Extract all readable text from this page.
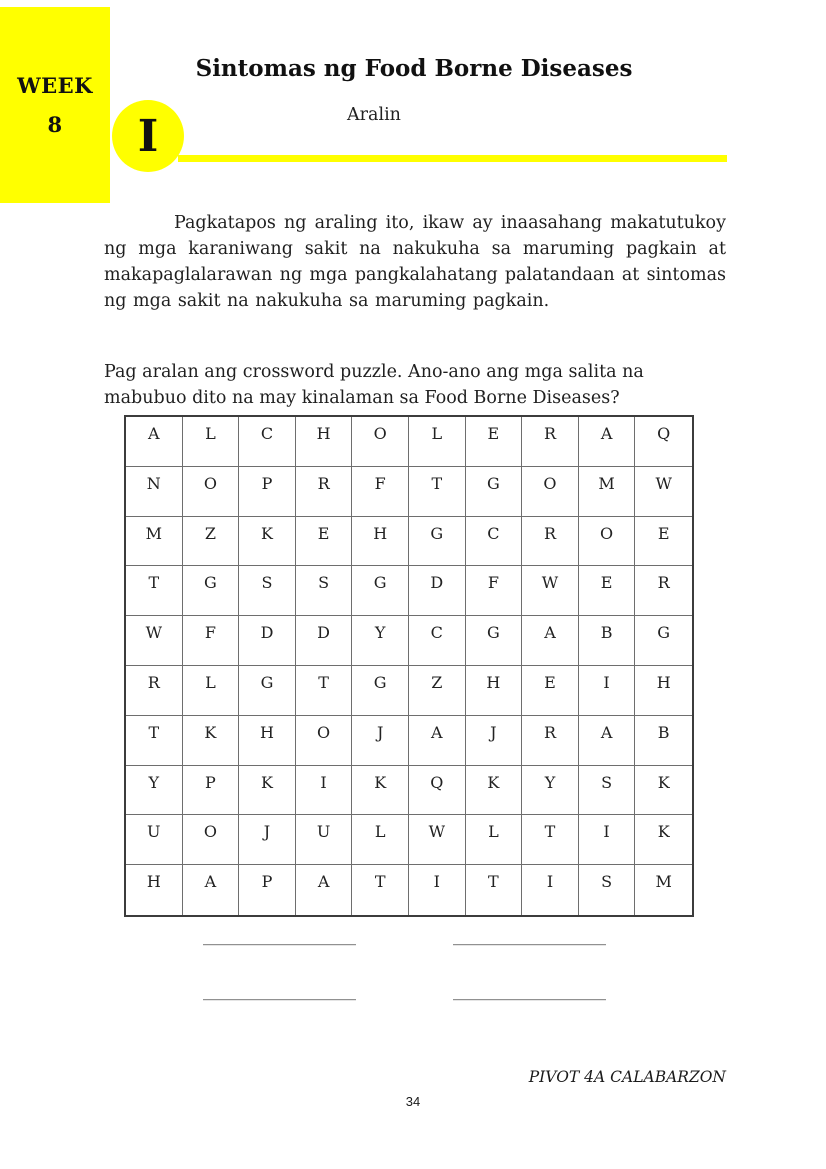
WEEK
8
Sintomas ng Food Borne Diseases
Aralin
I

Pagkatapos ng araling ito, ikaw ay inaasahang makatutukoy ng mga karaniwang sakit na nakukuha sa maruming pagkain at makapaglalarawan ng mga pangkalahatang palatandaan at sintomas ng mga sakit na nakukuha sa maruming pagkain.

Pag aralan ang crossword puzzle. Ano-ano ang mga salita na mabubuo dito na may kinalaman sa Food Borne Diseases?

A	L	C	H	O	L	E	R	A	Q
N	O	P	R	F	T	G	O	M	W
M	Z	K	E	H	G	C	R	O	E
T	G	S	S	G	D	F	W	E	R
W	F	D	D	Y	C	G	A	B	G
R	L	G	T	G	Z	H	E	I	H
T	K	H	O	J	A	J	R	A	B
Y	P	K	I	K	Q	K	Y	S	K
U	O	J	U	L	W	L	T	I	K
H	A	P	A	T	I	T	I	S	M
__________________	__________________
__________________	__________________
PIVOT 4A CALABARZON
34
